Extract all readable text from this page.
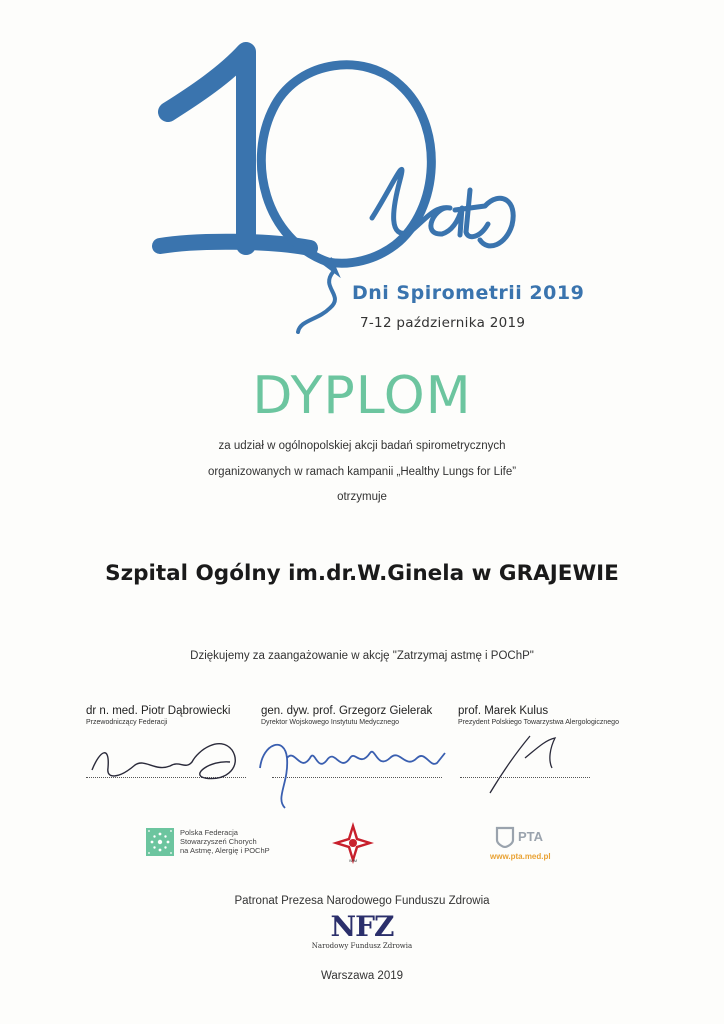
Dni Spirometrii 2019
7-12 października 2019
DYPLOM
za udział w ogólnopolskiej akcji badań spirometrycznych
organizowanych w ramach kampanii „Healthy Lungs for Life”
otrzymuje
Szpital Ogólny im.dr.W.Ginela w GRAJEWIE
Dziękujemy za zaangażowanie w akcję "Zatrzymaj astmę i POChP"
dr n. med. Piotr Dąbrowiecki
Przewodniczący Federacji
gen. dyw. prof. Grzegorz Gielerak
Dyrektor Wojskowego Instytutu Medycznego
prof. Marek Kulus
Prezydent Polskiego Towarzystwa Alergologicznego
Polska Federacja
Stowarzyszeń Chorych
na Astmę, Alergię i POChP
WIM
PTA
www.pta.med.pl
Patronat Prezesa Narodowego Funduszu Zdrowia
NFZ
Narodowy Fundusz Zdrowia
Warszawa 2019
